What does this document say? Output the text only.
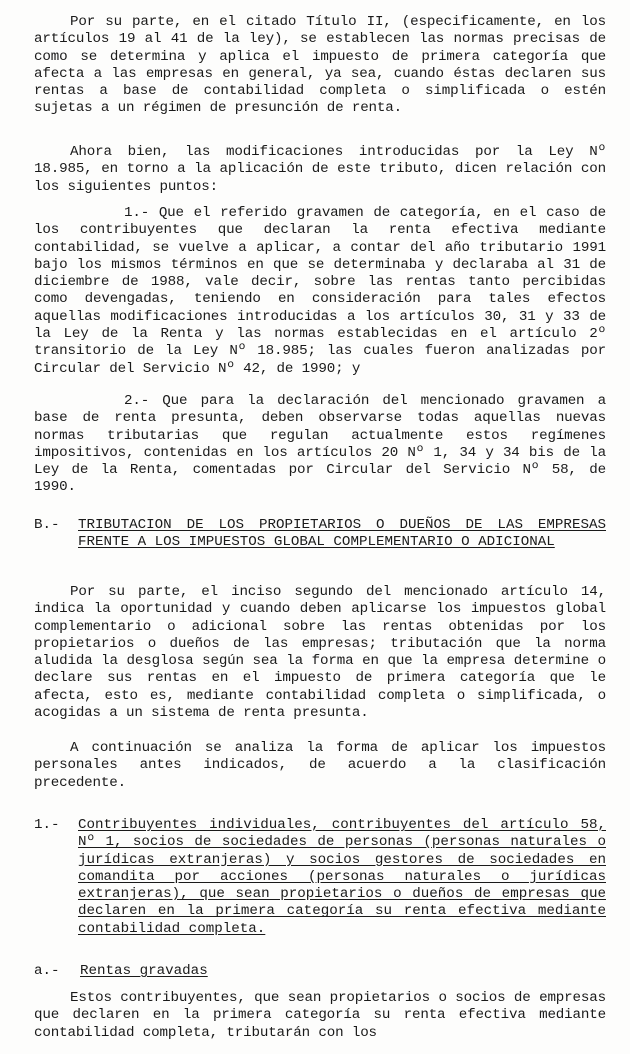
Por su parte, en el citado Título II, (especificamente, en los artículos 19 al 41 de la ley), se establecen las normas precisas de como se determina y aplica el impuesto de primera categoría que afecta a las empresas en general, ya sea, cuando éstas declaren sus rentas a base de contabilidad completa o simplificada o estén sujetas a un régimen de presunción de renta.

Ahora bien, las modificaciones introducidas por la Ley Nº 18.985, en torno a la aplicación de este tributo, dicen relación con los siguientes puntos:

1.- Que el referido gravamen de categoría, en el caso de los contribuyentes que declaran la renta efectiva mediante contabilidad, se vuelve a aplicar, a contar del año tributario 1991 bajo los mismos términos en que se determinaba y declaraba al 31 de diciembre de 1988, vale decir, sobre las rentas tanto percibidas como devengadas, teniendo en consideración para tales efectos aquellas modificaciones introducidas a los artículos 30, 31 y 33 de la Ley de la Renta y las normas establecidas en el artículo 2º transitorio de la Ley Nº 18.985; las cuales fueron analizadas por Circular del Servicio Nº 42, de 1990; y

2.- Que para la declaración del mencionado gravamen a base de renta presunta, deben observarse todas aquellas nuevas normas tributarias que regulan actualmente estos regímenes impositivos, contenidas en los artículos 20 Nº 1, 34 y 34 bis de la Ley de la Renta, comentadas por Circular del Servicio Nº 58, de 1990.

B.- TRIBUTACION DE LOS PROPIETARIOS O DUEÑOS DE LAS EMPRESAS FRENTE A LOS IMPUESTOS GLOBAL COMPLEMENTARIO O ADICIONAL

Por su parte, el inciso segundo del mencionado artículo 14, indica la oportunidad y cuando deben aplicarse los impuestos global complementario o adicional sobre las rentas obtenidas por los propietarios o dueños de las empresas; tributación que la norma aludida la desglosa según sea la forma en que la empresa determine o declare sus rentas en el impuesto de primera categoría que le afecta, esto es, mediante contabilidad completa o simplificada, o acogidas a un sistema de renta presunta.

A continuación se analiza la forma de aplicar los impuestos personales antes indicados, de acuerdo a la clasificación precedente.

1.- Contribuyentes individuales, contribuyentes del artículo 58, Nº 1, socios de sociedades de personas (personas naturales o jurídicas extranjeras) y socios gestores de sociedades en comandita por acciones (personas naturales o jurídicas extranjeras), que sean propietarios o dueños de empresas que declaren en la primera categoría su renta efectiva mediante contabilidad completa.
a.- Rentas gravadas

Estos contribuyentes, que sean propietarios o socios de empresas que declaren en la primera categoría su renta efectiva mediante contabilidad completa, tributarán con los
